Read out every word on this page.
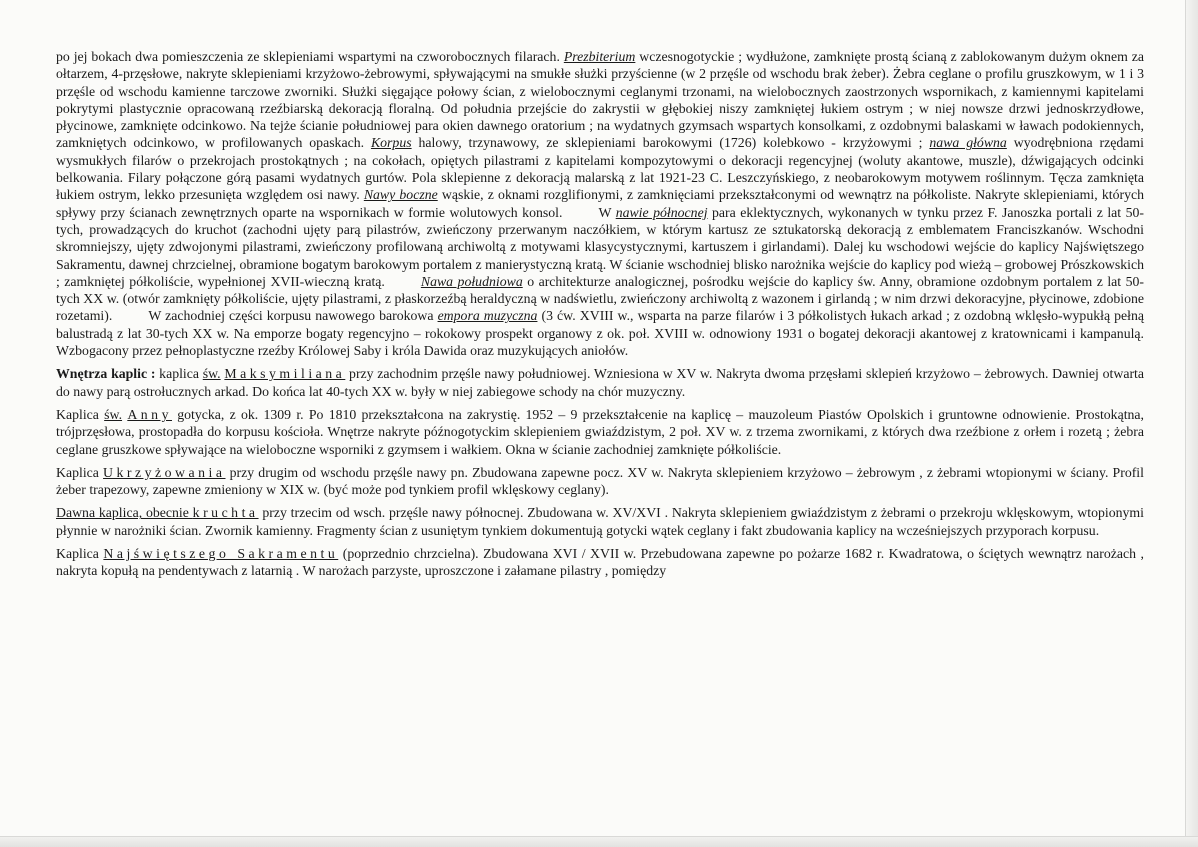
po jej bokach dwa pomieszczenia ze sklepieniami wspartymi na czworobocznych filarach. Prezbiterium wczesnogotyckie ; wydłużone, zamknięte prostą ścianą z zablokowanym dużym oknem za ołtarzem, 4-przęsłowe, nakryte sklepieniami krzyżowo-żebrowymi, spływającymi na smukłe służki przyścienne (w 2 przęśle od wschodu brak żeber). Żebra ceglane o profilu gruszkowym, w 1 i 3 przęśle od wschodu kamienne tarczowe zworniki. Służki sięgające połowy ścian, z wielobocznymi ceglanymi trzonami, na wielobocznych zaostrzonych wspornikach, z kamiennymi kapitelami pokrytymi plastycznie opracowaną rzeźbiarską dekoracją floralną. Od południa przejście do zakrystii w głębokiej niszy zamkniętej łukiem ostrym ; w niej nowsze drzwi jednoskrzydłowe, płycinowe, zamknięte odcinkowo. Na tejże ścianie południowej para okien dawnego oratorium ; na wydatnych gzymsach wspartych konsolkami, z ozdobnymi balaskami w ławach podokiennych, zamkniętych odcinkowo, w profilowanych opaskach. Korpus halowy, trzynawowy, ze sklepieniami barokowymi (1726) kolebkowo - krzyżowymi ; nawa główna wyodrębniona rzędami wysmukłych filarów o przekrojach prostokątnych ; na cokołach, opiętych pilastrami z kapitelami kompozytowymi o dekoracji regencyjnej (woluty akantowe, muszle), dźwigających odcinki belkowania. Filary połączone górą pasami wydatnych gurtów. Pola sklepienne z dekoracją malarską z lat 1921-23 C. Leszczyńskiego, z neobarokowym motywem roślinnym. Tęcza zamknięta łukiem ostrym, lekko przesunięta względem osi nawy. Nawy boczne wąskie, z oknami rozglifionymi, z zamknięciami przekształconymi od wewnątrz na półkoliste. Nakryte sklepieniami, których spływy przy ścianach zewnętrznych oparte na wspornikach w formie wolutowych konsol.	W nawie północnej para eklektycznych, wykonanych w tynku przez F. Janoszka portali z lat 50-tych, prowadzących do kruchot (zachodni ujęty parą pilastrów, zwieńczony przerwanym naczółkiem, w którym kartusz ze sztukatorską dekoracją z emblematem Franciszkanów. Wschodni skromniejszy, ujęty zdwojonymi pilastrami, zwieńczony profilowaną archiwoltą z motywami klasycystycznymi, kartuszem i girlandami). Dalej ku wschodowi wejście do kaplicy Najświętszego Sakramentu, dawnej chrzcielnej, obramione bogatym barokowym portalem z manierystyczną kratą. W ścianie wschodniej blisko narożnika wejście do kaplicy pod wieżą – grobowej Prószkowskich ; zamkniętej półkoliście, wypełnionej XVII-wieczną kratą.	Nawa południowa o architekturze analogicznej, pośrodku wejście do kaplicy św. Anny, obramione ozdobnym portalem z lat 50-tych XX w. (otwór zamknięty półkoliście, ujęty pilastrami, z płaskorzeźbą heraldyczną w nadświetlu, zwieńczony archiwoltą z wazonem i girlandą ; w nim drzwi dekoracyjne, płycinowe, zdobione rozetami).	W zachodniej części korpusu nawowego barokowa empora muzyczna (3 ćw. XVIII w., wsparta na parze filarów i 3 półkolistych łukach arkad ; z ozdobną wklęsło-wypukłą pełną balustradą z lat 30-tych XX w. Na emporze bogaty regencyjno – rokokowy prospekt organowy z ok. poł. XVIII w. odnowiony 1931 o bogatej dekoracji akantowej z kratownicami i kampanulą. Wzbogacony przez pełnoplastyczne rzeźby Królowej Saby i króla Dawida oraz muzykujących aniołów.

Wnętrza kaplic : kaplica św. Maksymiliana przy zachodnim przęśle nawy południowej. Wzniesiona w XV w. Nakryta dwoma przęsłami sklepień krzyżowo – żebrowych. Dawniej otwarta do nawy parą ostrołucznych arkad. Do końca lat 40-tych XX w. były w niej zabiegowe schody na chór muzyczny.

Kaplica św. Anny gotycka, z ok. 1309 r. Po 1810 przekształcona na zakrystię. 1952 – 9 przekształcenie na kaplicę – mauzoleum Piastów Opolskich i gruntowne odnowienie. Prostokątna, trójprzęsłowa, prostopadła do korpusu kościoła. Wnętrze nakryte późnogotyckim sklepieniem gwiaździstym, 2 poł. XV w. z trzema zwornikami, z których dwa rzeźbione z orłem i rozetą ; żebra ceglane gruszkowe spływające na wieloboczne wsporniki z gzymsem i wałkiem. Okna w ścianie zachodniej zamknięte półkoliście.

Kaplica Ukrzyżowania przy drugim od wschodu przęśle nawy pn. Zbudowana zapewne pocz. XV w. Nakryta sklepieniem krzyżowo – żebrowym , z żebrami wtopionymi w ściany. Profil żeber trapezowy, zapewne zmieniony w XIX w. (być może pod tynkiem profil wklęskowy ceglany).

Dawna kaplica, obecnie kruchta przy trzecim od wsch. przęśle nawy północnej. Zbudowana w. XV/XVI . Nakryta sklepieniem gwiaździstym z żebrami o przekroju wklęskowym, wtopionymi płynnie w narożniki ścian. Zwornik kamienny. Fragmenty ścian z usuniętym tynkiem dokumentują gotycki wątek ceglany i fakt zbudowania kaplicy na wcześniejszych przyporach korpusu.

Kaplica Najświętszego Sakramentu (poprzednio chrzcielna). Zbudowana XVI / XVII w. Przebudowana zapewne po pożarze 1682 r. Kwadratowa, o ściętych wewnątrz narożach , nakryta kopułą na pendentywach z latarnią . W narożach parzyste, uproszczone i załamane pilastry , pomiędzy
